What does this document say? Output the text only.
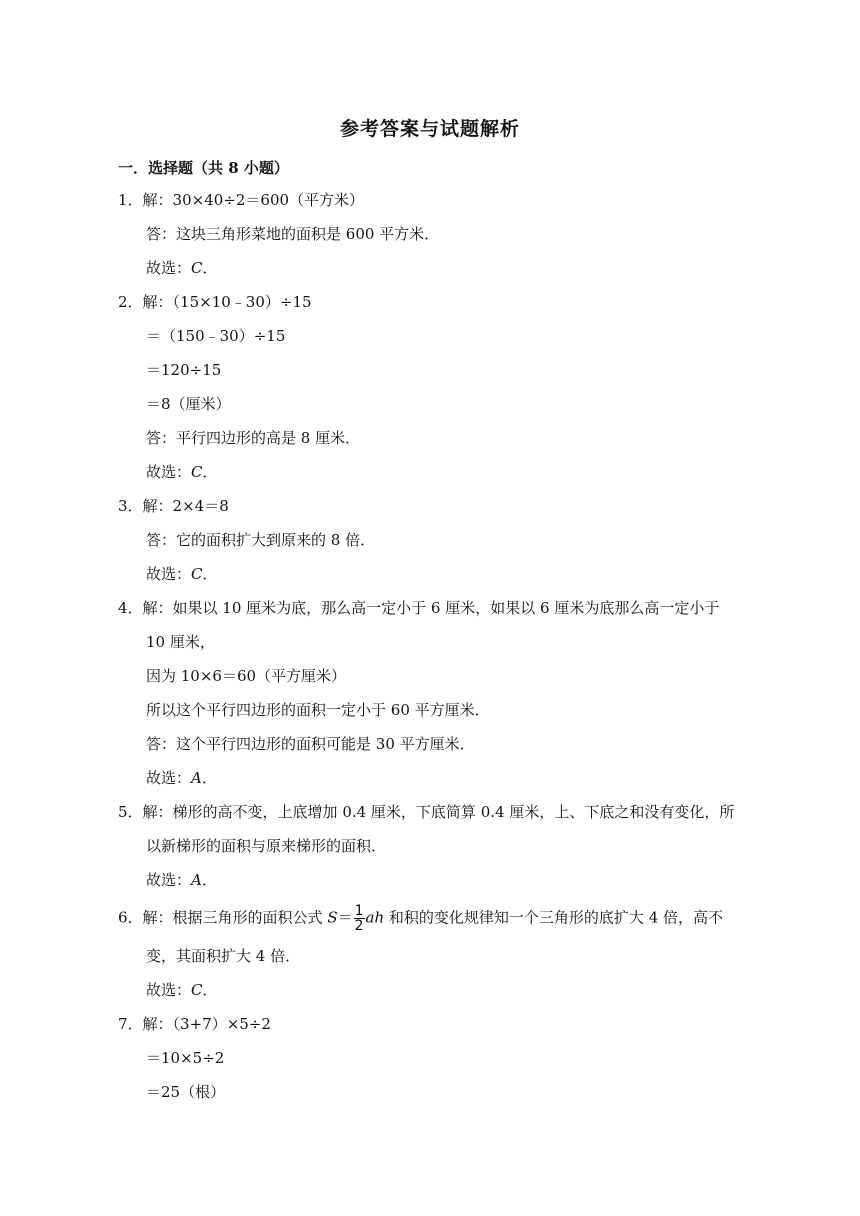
参考答案与试题解析
一．选择题（共 8 小题）
1．解：30×40÷2＝600（平方米）
答：这块三角形菜地的面积是 600 平方米．
故选：C．
2．解：（15×10﹣30）÷15
＝（150﹣30）÷15
＝120÷15
＝8（厘米）
答：平行四边形的高是 8 厘米．
故选：C．
3．解：2×4＝8
答：它的面积扩大到原来的 8 倍．
故选：C．
4．解：如果以 10 厘米为底，那么高一定小于 6 厘米，如果以 6 厘米为底那么高一定小于
10 厘米，
因为 10×6＝60（平方厘米）
所以这个平行四边形的面积一定小于 60 平方厘米．
答：这个平行四边形的面积可能是 30 平方厘米．
故选：A．
5．解：梯形的高不变，上底增加 0.4 厘米，下底简算 0.4 厘米，上、下底之和没有变化，所
以新梯形的面积与原来梯形的面积．
故选：A．
6．解：根据三角形的面积公式 $S= \frac{1}{2}$ ah 和积的变化规律知一个三角形的底扩大 4 倍，高不
变，其面积扩大 4 倍．
故选：C．
7．解：（3+7）×5÷2
＝10×5÷2
＝25（根）
